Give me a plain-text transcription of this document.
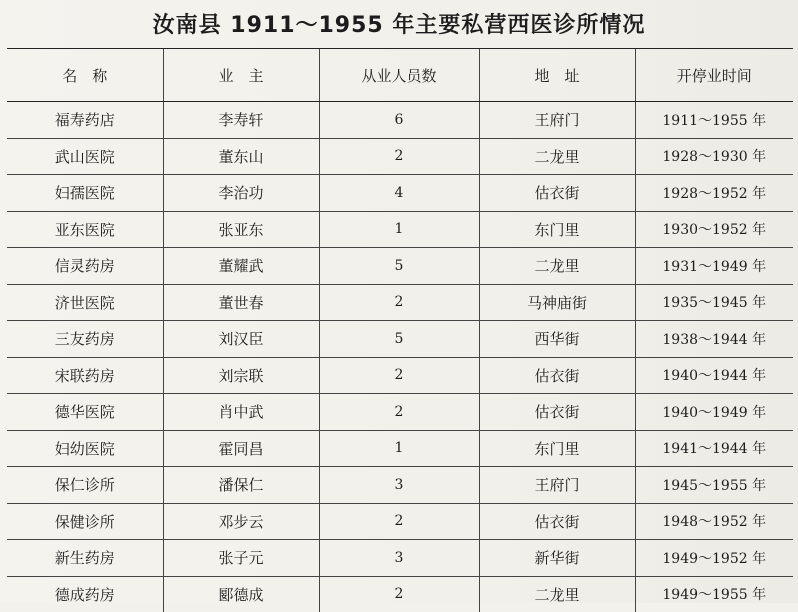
汝南县 1911～1955 年主要私营西医诊所情况
名　称	业　主	从业人员数	地　址	开停业时间
福寿药店	李寿轩	6	王府门	1911～1955 年
武山医院	董东山	2	二龙里	1928～1930 年
妇孺医院	李治功	4	估衣街	1928～1952 年
亚东医院	张亚东	1	东门里	1930～1952 年
信灵药房	董耀武	5	二龙里	1931～1949 年
济世医院	董世春	2	马神庙街	1935～1945 年
三友药房	刘汉臣	5	西华街	1938～1944 年
宋联药房	刘宗联	2	估衣街	1940～1944 年
德华医院	肖中武	2	估衣街	1940～1949 年
妇幼医院	霍同昌	1	东门里	1941～1944 年
保仁诊所	潘保仁	3	王府门	1945～1955 年
保健诊所	邓步云	2	估衣街	1948～1952 年
新生药房	张子元	3	新华街	1949～1952 年
德成药房	郾德成	2	二龙里	1949～1955 年
